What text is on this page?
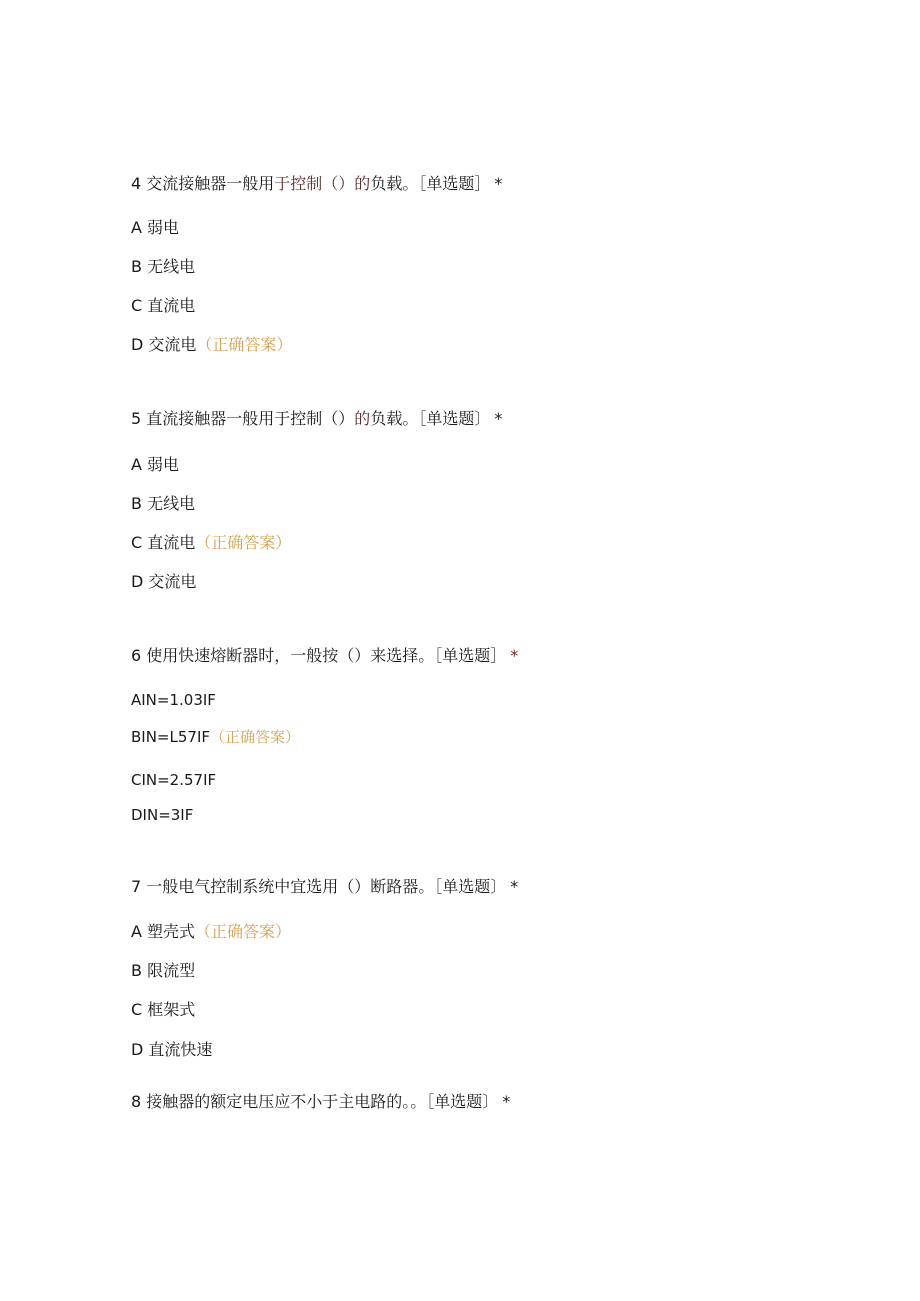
4 交流接触器一般用于控制（）的负载。［单选题］ *
A 弱电
B 无线电
C 直流电
D 交流电（正确答案）
5 直流接触器一般用于控制（）的负载。［单选题〕 *
A 弱电
B 无线电
C 直流电（正确答案）
D 交流电
6 使用快速熔断器时，一般按（）来选择。［单选题］ *
AIN=1.03IF
BIN=L57IF（正确答案）
CIN=2.57IF
DIN=3IF
7 一般电气控制系统中宜选用（）断路器。［单选题〕 *
A 塑壳式（正确答案）
B 限流型
C 框架式
D 直流快速
8 接触器的额定电压应不小于主电路的。。［单选题〕 *
